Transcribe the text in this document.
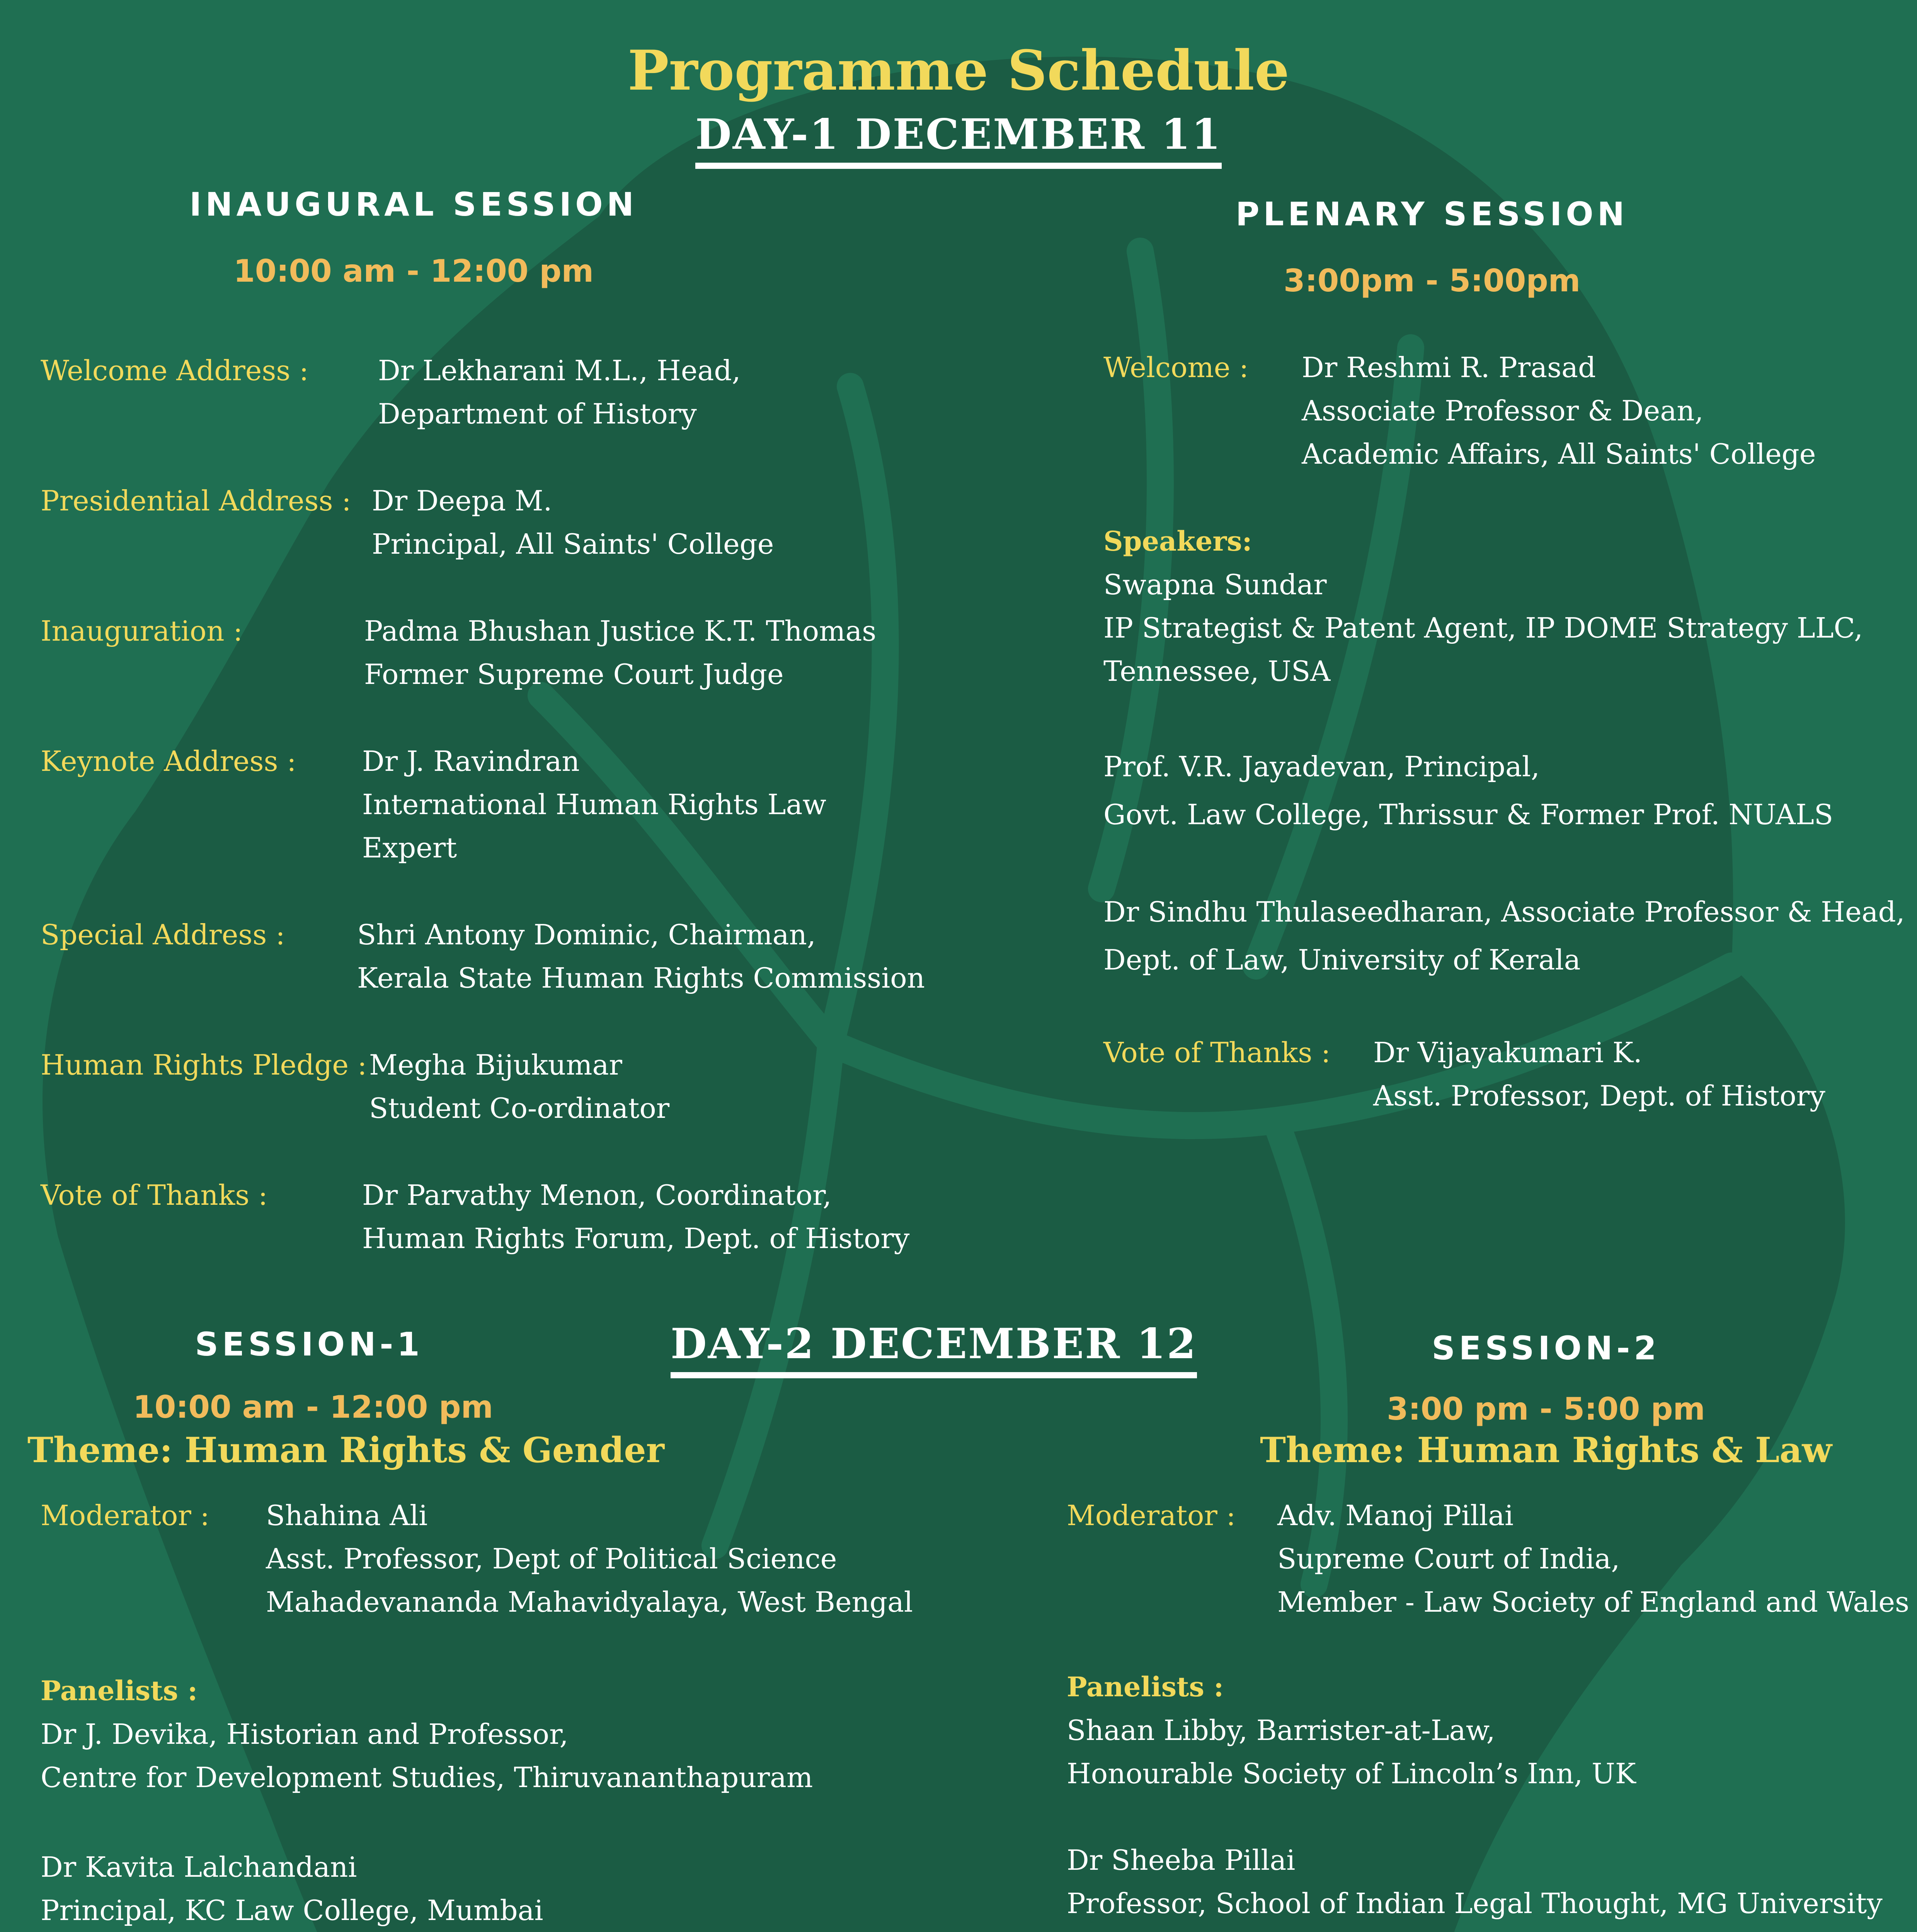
Programme Schedule
DAY-1 DECEMBER 11
INAUGURAL SESSION
10:00 am - 12:00 pm
Welcome Address : Dr Lekharani M.L., Head,
Department of History
Presidential Address : Dr Deepa M.
Principal, All Saints' College
Inauguration :	Padma Bhushan Justice K.T. Thomas
Former Supreme Court Judge
Keynote Address : Dr J. Ravindran
International Human Rights Law
Expert
Special Address :	Shri Antony Dominic, Chairman,
Kerala State Human Rights Commission
Human Rights Pledge : Megha Bijukumar
Student Co-ordinator
Vote of Thanks :	Dr Parvathy Menon, Coordinator,
Human Rights Forum, Dept. of History
PLENARY SESSION
3:00pm - 5:00pm
Welcome : Dr Reshmi R. Prasad
Associate Professor & Dean,
Academic Affairs, All Saints' College
Speakers:
Swapna Sundar
IP Strategist & Patent Agent, IP DOME Strategy LLC,
Tennessee, USA
Prof. V.R. Jayadevan, Principal,
Govt. Law College, Thrissur & Former Prof. NUALS
Dr Sindhu Thulaseedharan, Associate Professor & Head,
Dept. of Law, University of Kerala
Vote of Thanks : Dr Vijayakumari K.
Asst. Professor, Dept. of History
DAY-2 DECEMBER 12
SESSION-1
10:00 am - 12:00 pm
Theme: Human Rights & Gender
Moderator : Shahina Ali
Asst. Professor, Dept of Political Science
Mahadevananda Mahavidyalaya, West Bengal
Panelists :
Dr J. Devika, Historian and Professor,
Centre for Development Studies, Thiruvananthapuram
Dr Kavita Lalchandani
Principal, KC Law College, Mumbai
SESSION-2
3:00 pm - 5:00 pm
Theme: Human Rights & Law
Moderator : Adv. Manoj Pillai
Supreme Court of India,
Member - Law Society of England and Wales
Panelists :
Shaan Libby, Barrister-at-Law,
Honourable Society of Lincoln’s Inn, UK
Dr Sheeba Pillai
Professor, School of Indian Legal Thought, MG University
